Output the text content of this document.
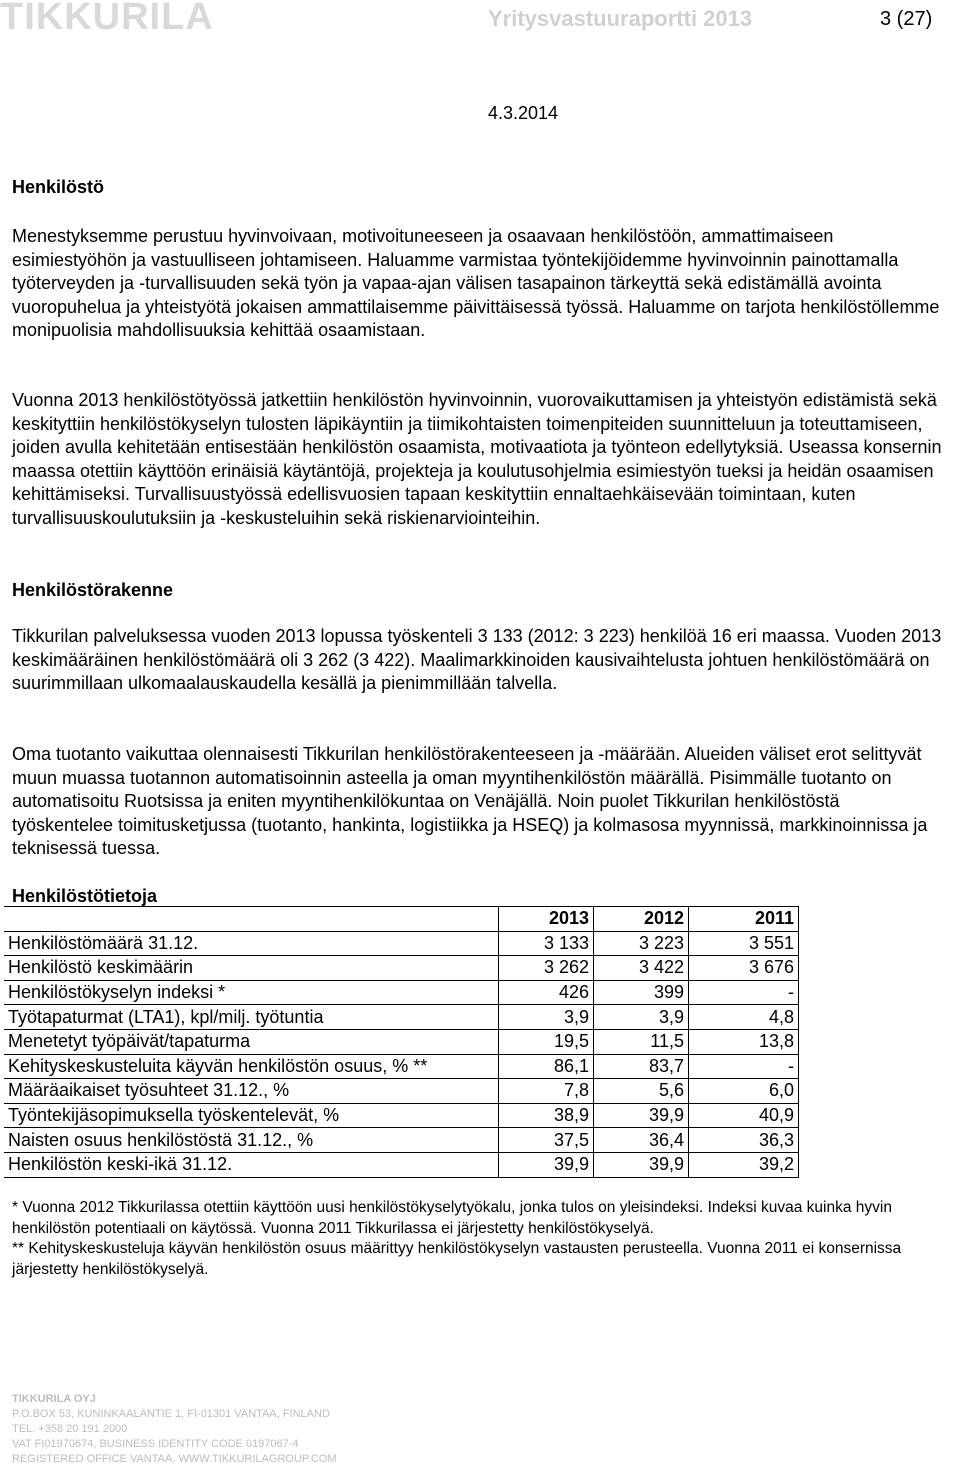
TIKKURILA	Yritysvastuuraportti 2013	3 (27)
4.3.2014
Henkilöstö

Menestyksemme perustuu hyvinvoivaan, motivoituneeseen ja osaavaan henkilöstöön, ammattimaiseen esimiestyöhön ja vastuulliseen johtamiseen. Haluamme varmistaa työntekijöidemme hyvinvoinnin painottamalla työterveyden ja -turvallisuuden sekä työn ja vapaa-ajan välisen tasapainon tärkeyttä sekä edistämällä avointa vuoropuhelua ja yhteistyötä jokaisen ammattilaisemme päivittäisessä työssä. Haluamme on tarjota henkilöstöllemme monipuolisia mahdollisuuksia kehittää osaamistaan.

Vuonna 2013 henkilöstötyössä jatkettiin henkilöstön hyvinvoinnin, vuorovaikuttamisen ja yhteistyön edistämistä sekä keskityttiin henkilöstökyselyn tulosten läpikäyntiin ja tiimikohtaisten toimenpiteiden suunnitteluun ja toteuttamiseen, joiden avulla kehitetään entisestään henkilöstön osaamista, motivaatiota ja työnteon edellytyksiä. Useassa konsernin maassa otettiin käyttöön erinäisiä käytäntöjä, projekteja ja koulutusohjelmia esimiestyön tueksi ja heidän osaamisen kehittämiseksi. Turvallisuustyössä edellisvuosien tapaan keskityttiin ennaltaehkäisevään toimintaan, kuten turvallisuuskoulutuksiin ja -keskusteluihin sekä riskienarviointeihin.

Henkilöstörakenne

Tikkurilan palveluksessa vuoden 2013 lopussa työskenteli 3 133 (2012: 3 223) henkilöä 16 eri maassa. Vuoden 2013 keskimääräinen henkilöstömäärä oli 3 262 (3 422). Maalimarkkinoiden kausivaihtelusta johtuen henkilöstömäärä on suurimmillaan ulkomaalauskaudella kesällä ja pienimmillään talvella.

Oma tuotanto vaikuttaa olennaisesti Tikkurilan henkilöstörakenteeseen ja -määrään. Alueiden väliset erot selittyvät muun muassa tuotannon automatisoinnin asteella ja oman myyntihenkilöstön määrällä. Pisimmälle tuotanto on automatisoitu Ruotsissa ja eniten myyntihenkilökuntaa on Venäjällä. Noin puolet Tikkurilan henkilöstöstä työskentelee toimitusketjussa (tuotanto, hankinta, logistiikka ja HSEQ) ja kolmasosa myynnissä, markkinoinnissa ja teknisessä tuessa.

Henkilöstötietoja
	2013	2012	2011
Henkilöstömäärä 31.12.	3 133	3 223	3 551
Henkilöstö keskimäärin	3 262	3 422	3 676
Henkilöstökyselyn indeksi *	426	399	-
Työtapaturmat (LTA1), kpl/milj. työtuntia	3,9	3,9	4,8
Menetetyt työpäivät/tapaturma	19,5	11,5	13,8
Kehityskeskusteluita käyvän henkilöstön osuus, % **	86,1	83,7	-
Määräaikaiset työsuhteet 31.12., %	7,8	5,6	6,0
Työntekijäsopimuksella työskentelevät, %	38,9	39,9	40,9
Naisten osuus henkilöstöstä 31.12., %	37,5	36,4	36,3
Henkilöstön keski-ikä 31.12.	39,9	39,9	39,2
* Vuonna 2012 Tikkurilassa otettiin käyttöön uusi henkilöstökyselytyökalu, jonka tulos on yleisindeksi. Indeksi kuvaa kuinka hyvin henkilöstön potentiaali on käytössä. Vuonna 2011 Tikkurilassa ei järjestetty henkilöstökyselyä.
** Kehityskeskusteluja käyvän henkilöstön osuus määrittyy henkilöstökyselyn vastausten perusteella. Vuonna 2011 ei konsernissa järjestetty henkilöstökyselyä.
TIKKURILA OYJ
P.O.BOX 53, KUNINKAALANTIE 1, FI-01301 VANTAA, FINLAND
TEL. +358 20 191 2000
VAT FI01970674, BUSINESS IDENTITY CODE 0197067-4
REGISTERED OFFICE VANTAA, WWW.TIKKURILAGROUP.COM
